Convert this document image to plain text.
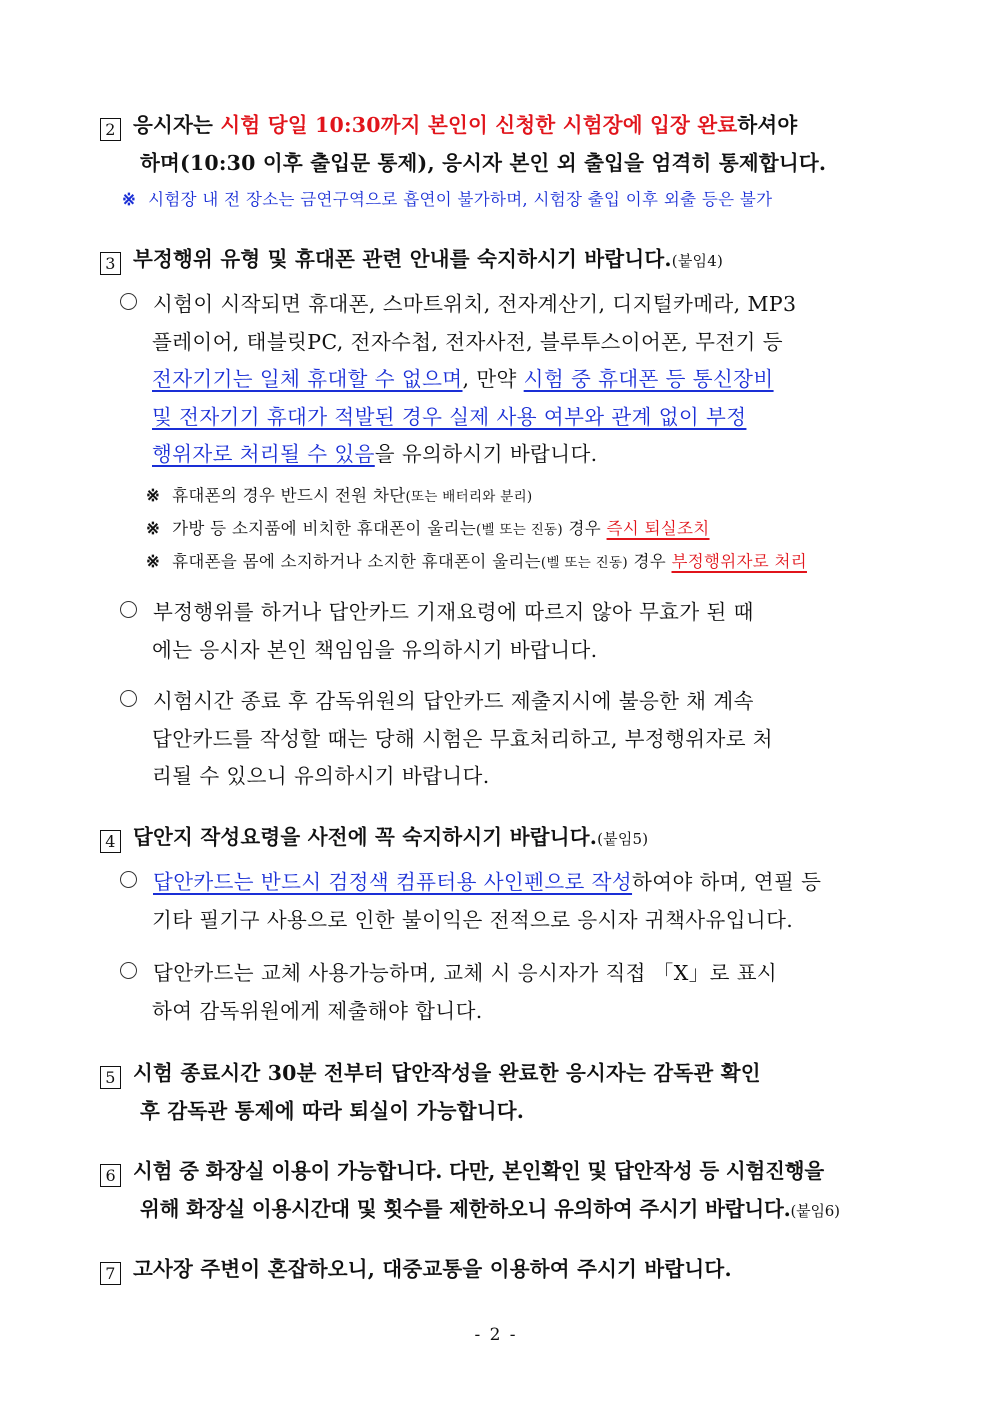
2 응시자는 시험 당일 10:30까지 본인이 신청한 시험장에 입장 완료하셔야
하며(10:30 이후 출입문 통제), 응시자 본인 외 출입을 엄격히 통제합니다.
※ 시험장 내 전 장소는 금연구역으로 흡연이 불가하며, 시험장 출입 이후 외출 등은 불가
3 부정행위 유형 및 휴대폰 관련 안내를 숙지하시기 바랍니다.(붙임4)
시험이 시작되면 휴대폰, 스마트위치, 전자계산기, 디지털카메라, MP3
플레이어, 태블릿PC, 전자수첩, 전자사전, 블루투스이어폰, 무전기 등
전자기기는 일체 휴대할 수 없으며, 만약 시험 중 휴대폰 등 통신장비
및 전자기기 휴대가 적발된 경우 실제 사용 여부와 관계 없이 부정
행위자로 처리될 수 있음을 유의하시기 바랍니다.
※ 휴대폰의 경우 반드시 전원 차단(또는 배터리와 분리)
※ 가방 등 소지품에 비치한 휴대폰이 울리는(벨 또는 진동) 경우 즉시 퇴실조치
※ 휴대폰을 몸에 소지하거나 소지한 휴대폰이 울리는(벨 또는 진동) 경우 부정행위자로 처리
부정행위를 하거나 답안카드 기재요령에 따르지 않아 무효가 된 때
에는 응시자 본인 책임임을 유의하시기 바랍니다.
시험시간 종료 후 감독위원의 답안카드 제출지시에 불응한 채 계속
답안카드를 작성할 때는 당해 시험은 무효처리하고, 부정행위자로 처
리될 수 있으니 유의하시기 바랍니다.
4 답안지 작성요령을 사전에 꼭 숙지하시기 바랍니다.(붙임5)
답안카드는 반드시 검정색 컴퓨터용 사인펜으로 작성하여야 하며, 연필 등
기타 필기구 사용으로 인한 불이익은 전적으로 응시자 귀책사유입니다.
답안카드는 교체 사용가능하며, 교체 시 응시자가 직접 「X」로 표시
하여 감독위원에게 제출해야 합니다.
5 시험 종료시간 30분 전부터 답안작성을 완료한 응시자는 감독관 확인
후 감독관 통제에 따라 퇴실이 가능합니다.
6 시험 중 화장실 이용이 가능합니다. 다만, 본인확인 및 답안작성 등 시험진행을
위해 화장실 이용시간대 및 횟수를 제한하오니 유의하여 주시기 바랍니다.(붙임6)
7 고사장 주변이 혼잡하오니, 대중교통을 이용하여 주시기 바랍니다.
- 2 -
